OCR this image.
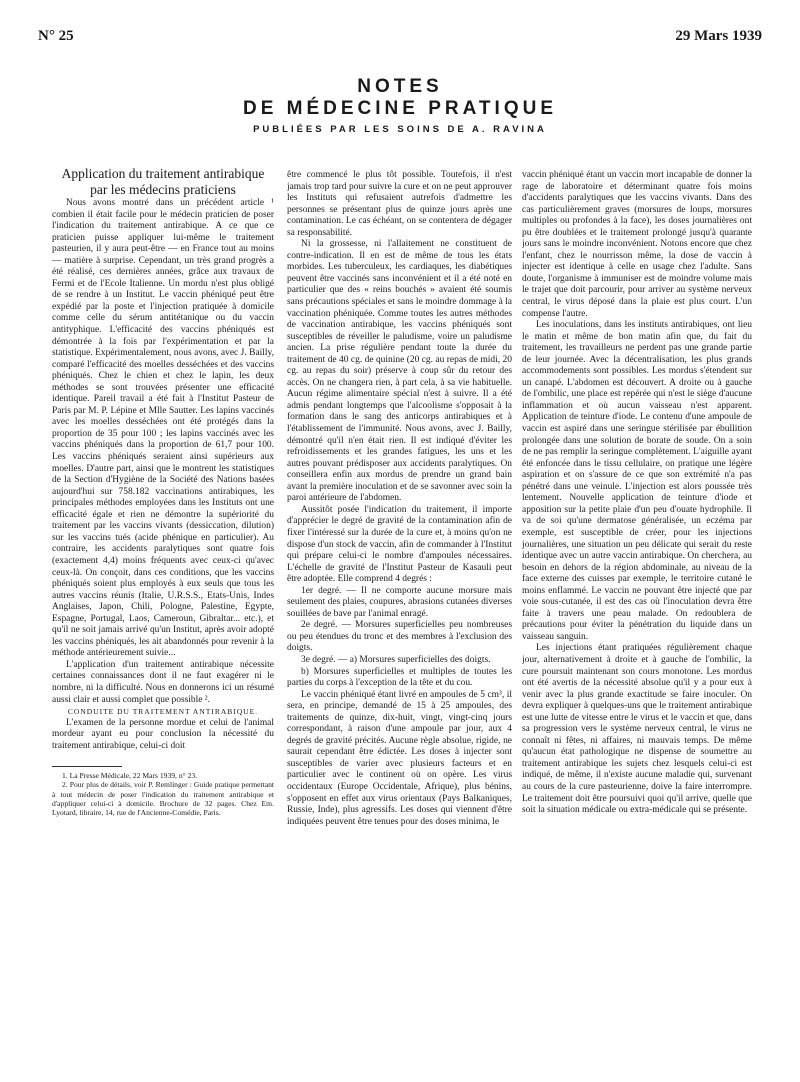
N° 25	29 Mars 1939
NOTES
DE MÉDECINE PRATIQUE
PUBLIÉES PAR LES SOINS DE A. RAVINA

Application du traitement antirabique par les médecins praticiens

Nous avons montré dans un précédent article ¹ combien il était facile pour le médecin praticien de poser l'indication du traitement antirabique. A ce que ce praticien puisse appliquer lui-même le traitement pasteurien, il y aura peut-être — en France tout au moins — matière à surprise. Cependant, un très grand progrès a été réalisé, ces dernières années, grâce aux travaux de Fermi et de l'Ecole Italienne. Un mordu n'est plus obligé de se rendre à un Institut. Le vaccin phéniqué peut être expédié par la poste et l'injection pratiquée à domicile comme celle du sérum antitétanique ou du vaccin antityphique. L'efficacité des vaccins phéniqués est démontrée à la fois par l'expérimentation et par la statistique. Expérimentalement, nous avons, avec J. Bailly, comparé l'efficacité des moelles desséchées et des vaccins phéniqués. Chez le chien et chez le lapin, les deux méthodes se sont trouvées présenter une efficacité identique. Pareil travail a été fait à l'Institut Pasteur de Paris par M. P. Lépine et Mlle Sautter. Les lapins vaccinés avec les moelles desséchées ont été protégés dans la proportion de 35 pour 100 ; les lapins vaccinés avec les vaccins phéniqués dans la proportion de 61,7 pour 100. Les vaccins phéniqués seraient ainsi supérieurs aux moelles. D'autre part, ainsi que le montrent les statistiques de la Section d'Hygiène de la Société des Nations basées aujourd'hui sur 758.182 vaccinations antirabiques, les principales méthodes employées dans les Instituts ont une efficacité égale et rien ne démontre la supériorité du traitement par les vaccins vivants (dessiccation, dilution) sur les vaccins tués (acide phénique en particulier). Au contraire, les accidents paralytiques sont quatre fois (exactement 4,4) moins fréquents avec ceux-ci qu'avec ceux-là. On conçoit, dans ces conditions, que les vaccins phéniqués soient plus employés à eux seuls que tous les autres vaccins réunis (Italie, U.R.S.S., Etats-Unis, Indes Anglaises, Japon, Chili, Pologne, Palestine, Egypte, Espagne, Portugal, Laos, Cameroun, Gibraltar... etc.), et qu'il ne soit jamais arrivé qu'un Institut, après avoir adopté les vaccins phéniqués, les ait abandonnés pour revenir à la méthode antérieurement suivie...

L'application d'un traitement antirabique nécessite certaines connaissances dont il ne faut exagérer ni le nombre, ni la difficulté. Nous en donnerons ici un résumé aussi clair et aussi complet que possible ².

CONDUITE DU TRAITEMENT ANTIRABIQUE.

L'examen de la personne mordue et celui de l'animal mordeur ayant eu pour conclusion la nécessité du traitement antirabique, celui-ci doit

1. La Presse Médicale, 22 Mars 1939, n° 23.

2. Pour plus de détails, voir P. Remlinger : Guide pratique permettant à tout médecin de poser l'indication du traitement antirabique et d'appliquer celui-ci à domicile. Brochure de 32 pages. Chez Em. Lyotard, libraire, 14, rue de l'Ancienne-Comédie, Paris.

être commencé le plus tôt possible. Toutefois, il n'est jamais trop tard pour suivre la cure et on ne peut approuver les Instituts qui refusaient autrefois d'admettre les personnes se présentant plus de quinze jours après une contamination. Le cas échéant, on se contentera de dégager sa responsabilité.

Ni la grossesse, ni l'allaitement ne constituent de contre-indication. Il en est de même de tous les états morbides. Les tuberculeux, les cardiaques, les diabétiques peuvent être vaccinés sans inconvénient et il a été noté en particulier que des « reins bouchés » avaient été soumis sans précautions spéciales et sans le moindre dommage à la vaccination phéniquée. Comme toutes les autres méthodes de vaccination antirabique, les vaccins phéniqués sont susceptibles de réveiller le paludisme, voire un paludisme ancien. La prise régulière pendant toute la durée du traitement de 40 cg. de quinine (20 cg. au repas de midi, 20 cg. au repas du soir) préserve à coup sûr du retour des accès. On ne changera rien, à part cela, à sa vie habituelle. Aucun régime alimentaire spécial n'est à suivre. Il a été admis pendant longtemps que l'alcoolisme s'opposait à la formation dans le sang des anticorps antirabiques et à l'établissement de l'immunité. Nous avons, avec J. Bailly, démontré qu'il n'en était rien. Il est indiqué d'éviter les refroidissements et les grandes fatigues, les uns et les autres pouvant prédisposer aux accidents paralytiques. On conseillera enfin aux mordus de prendre un grand bain avant la première inoculation et de se savonner avec soin la paroi antérieure de l'abdomen.

Aussitôt posée l'indication du traitement, il importe d'apprécier le degré de gravité de la contamination afin de fixer l'intéressé sur la durée de la cure et, à moins qu'on ne dispose d'un stock de vaccin, afin de commander à l'Institut qui prépare celui-ci le nombre d'ampoules nécessaires. L'échelle de gravité de l'Institut Pasteur de Kasauli peut être adoptée. Elle comprend 4 degrés :

1er degré. — Il ne comporte aucune morsure mais seulement des plaies, coupures, abrasions cutanées diverses souillées de bave par l'animal enragé.

2e degré. — Morsures superficielles peu nombreuses ou peu étendues du tronc et des membres à l'exclusion des doigts.

3e degré. — a) Morsures superficielles des doigts.

b) Morsures superficielles et multiples de toutes les parties du corps à l'exception de la tête et du cou.

Le vaccin phéniqué étant livré en ampoules de 5 cm³, il sera, en principe, demandé de 15 à 25 ampoules, des traitements de quinze, dix-huit, vingt, vingt-cinq jours correspondant, à raison d'une ampoule par jour, aux 4 degrés de gravité précités. Aucune règle absolue, rigide, ne saurait cependant être édictée. Les doses à injecter sont susceptibles de varier avec plusieurs facteurs et en particulier avec le continent où on opère. Les virus occidentaux (Europe Occidentale, Afrique), plus bénins, s'opposent en effet aux virus orientaux (Pays Balkaniques, Russie, Inde), plus agressifs. Les doses qui viennent d'être indiquées peuvent être tenues pour des doses minima, le

vaccin phéniqué étant un vaccin mort incapable de donner la rage de laboratoire et déterminant quatre fois moins d'accidents paralytiques que les vaccins vivants. Dans des cas particulièrement graves (morsures de loups, morsures multiples ou profondes à la face), les doses journalières ont pu être doublées et le traitement prolongé jusqu'à quarante jours sans le moindre inconvénient. Notons encore que chez l'enfant, chez le nourrisson même, la dose de vaccin à injecter est identique à celle en usage chez l'adulte. Sans doute, l'organisme à immuniser est de moindre volume mais le trajet que doit parcourir, pour arriver au système nerveux central, le virus déposé dans la plaie est plus court. L'un compense l'autre.

Les inoculations, dans les instituts antirabiques, ont lieu le matin et même de bon matin afin que, du fait du traitement, les travailleurs ne perdent pas une grande partie de leur journée. Avec la décentralisation, les plus grands accommodements sont possibles. Les mordus s'étendent sur un canapé. L'abdomen est découvert. A droite ou à gauche de l'ombilic, une place est repérée qui n'est le siège d'aucune inflammation et où aucun vaisseau n'est apparent. Application de teinture d'iode. Le contenu d'une ampoule de vaccin est aspiré dans une seringue stérilisée par ébullition prolongée dans une solution de borate de soude. On a soin de ne pas remplir la seringue complètement. L'aiguille ayant été enfoncée dans le tissu cellulaire, on pratique une légère aspiration et on s'assure de ce que son extrémité n'a pas pénétré dans une veinule. L'injection est alors poussée très lentement. Nouvelle application de teinture d'iode et apposition sur la petite plaie d'un peu d'ouate hydrophile. Il va de soi qu'une dermatose généralisée, un eczéma par exemple, est susceptible de créer, pour les injections journalières, une situation un peu délicate qui serait du reste identique avec un autre vaccin antirabique. On cherchera, au besoin en dehors de la région abdominale, au niveau de la face externe des cuisses par exemple, le territoire cutané le moins enflammé. Le vaccin ne pouvant être injecté que par voie sous-cutanée, il est des cas où l'inoculation devra être faite à travers une peau malade. On redoublera de précautions pour éviter la pénétration du liquide dans un vaisseau sanguin.

Les injections étant pratiquées régulièrement chaque jour, alternativement à droite et à gauche de l'ombilic, la cure poursuit maintenant son cours monotone. Les mordus ont été avertis de la nécessité absolue qu'il y a pour eux à venir avec la plus grande exactitude se faire inoculer. On devra expliquer à quelques-uns que le traitement antirabique est une lutte de vitesse entre le virus et le vaccin et que, dans sa progression vers le système nerveux central, le virus ne connaît ni fêtes, ni affaires, ni mauvais temps. De même qu'aucun état pathologique ne dispense de soumettre au traitement antirabique les sujets chez lesquels celui-ci est indiqué, de même, il n'existe aucune maladie qui, survenant au cours de la cure pasteurienne, doive la faire interrompre. Le traitement doit être poursuivi quoi qu'il arrive, quelle que soit la situation médicale ou extra-médicale qui se présente.
